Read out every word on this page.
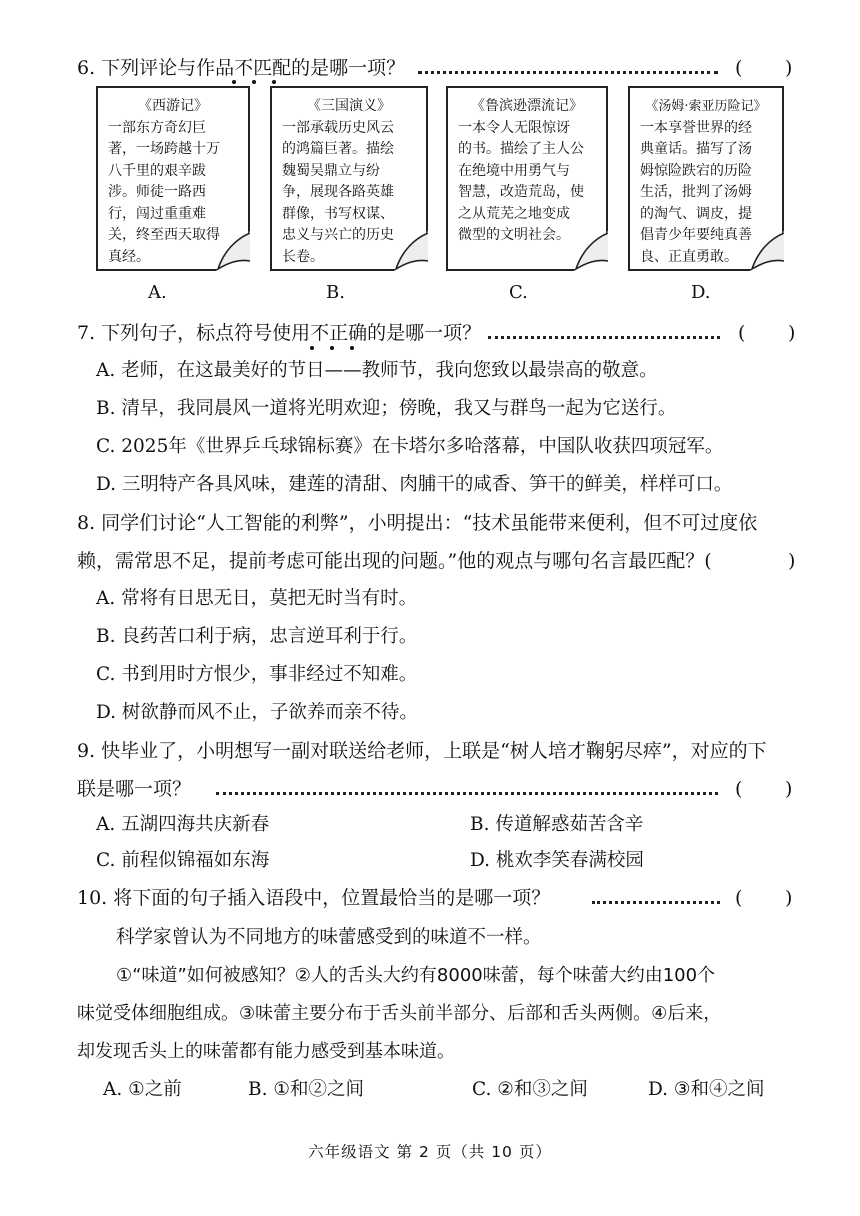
6. 下列评论与作品不匹配的是哪一项？	( )
《西游记》
一部东方奇幻巨
著，一场跨越十万
八千里的艰辛跋
涉。师徒一路西
行，闯过重重难
关，终至西天取得
真经。
A.
《三国演义》
一部承载历史风云
的鸿篇巨著。描绘
魏蜀吴鼎立与纷
争，展现各路英雄
群像，书写权谋、
忠义与兴亡的历史
长卷。
B.
《鲁滨逊漂流记》
一本令人无限惊讶
的书。描绘了主人公
在绝境中用勇气与
智慧，改造荒岛，使
之从荒芜之地变成
微型的文明社会。
C.
《汤姆·索亚历险记》
一本享誉世界的经
典童话。描写了汤
姆惊险跌宕的历险
生活，批判了汤姆
的淘气、调皮，提
倡青少年要纯真善
良、正直勇敢。
D.
7. 下列句子，标点符号使用不正确的是哪一项？	( )
A. 老师，在这最美好的节日——教师节，我向您致以最崇高的敬意。
B. 清早，我同晨风一道将光明欢迎；傍晚，我又与群鸟一起为它送行。
C. 2025年《世界乒乓球锦标赛》在卡塔尔多哈落幕，中国队收获四项冠军。
D. 三明特产各具风味，建莲的清甜、肉脯干的咸香、笋干的鲜美，样样可口。
8. 同学们讨论“人工智能的利弊”，小明提出：“技术虽能带来便利，但不可过度依
赖，需常思不足，提前考虑可能出现的问题。”他的观点与哪句名言最匹配？(	)
A. 常将有日思无日，莫把无时当有时。
B. 良药苦口利于病，忠言逆耳利于行。
C. 书到用时方恨少，事非经过不知难。
D. 树欲静而风不止，子欲养而亲不待。
9. 快毕业了，小明想写一副对联送给老师，上联是“树人培才鞠躬尽瘁”，对应的下
联是哪一项？	( )
A. 五湖四海共庆新春	B. 传道解惑茹苦含辛
C. 前程似锦福如东海	D. 桃欢李笑春满校园
10. 将下面的句子插入语段中，位置最恰当的是哪一项？	( )
科学家曾认为不同地方的味蕾感受到的味道不一样。
①“味道”如何被感知？②人的舌头大约有8000味蕾，每个味蕾大约由100个
味觉受体细胞组成。③味蕾主要分布于舌头前半部分、后部和舌头两侧。④后来，
却发现舌头上的味蕾都有能力感受到基本味道。
A. ①之前	B. ①和②之间	C. ②和③之间	D. ③和④之间
六年级语文 第 2 页（共 10 页）
